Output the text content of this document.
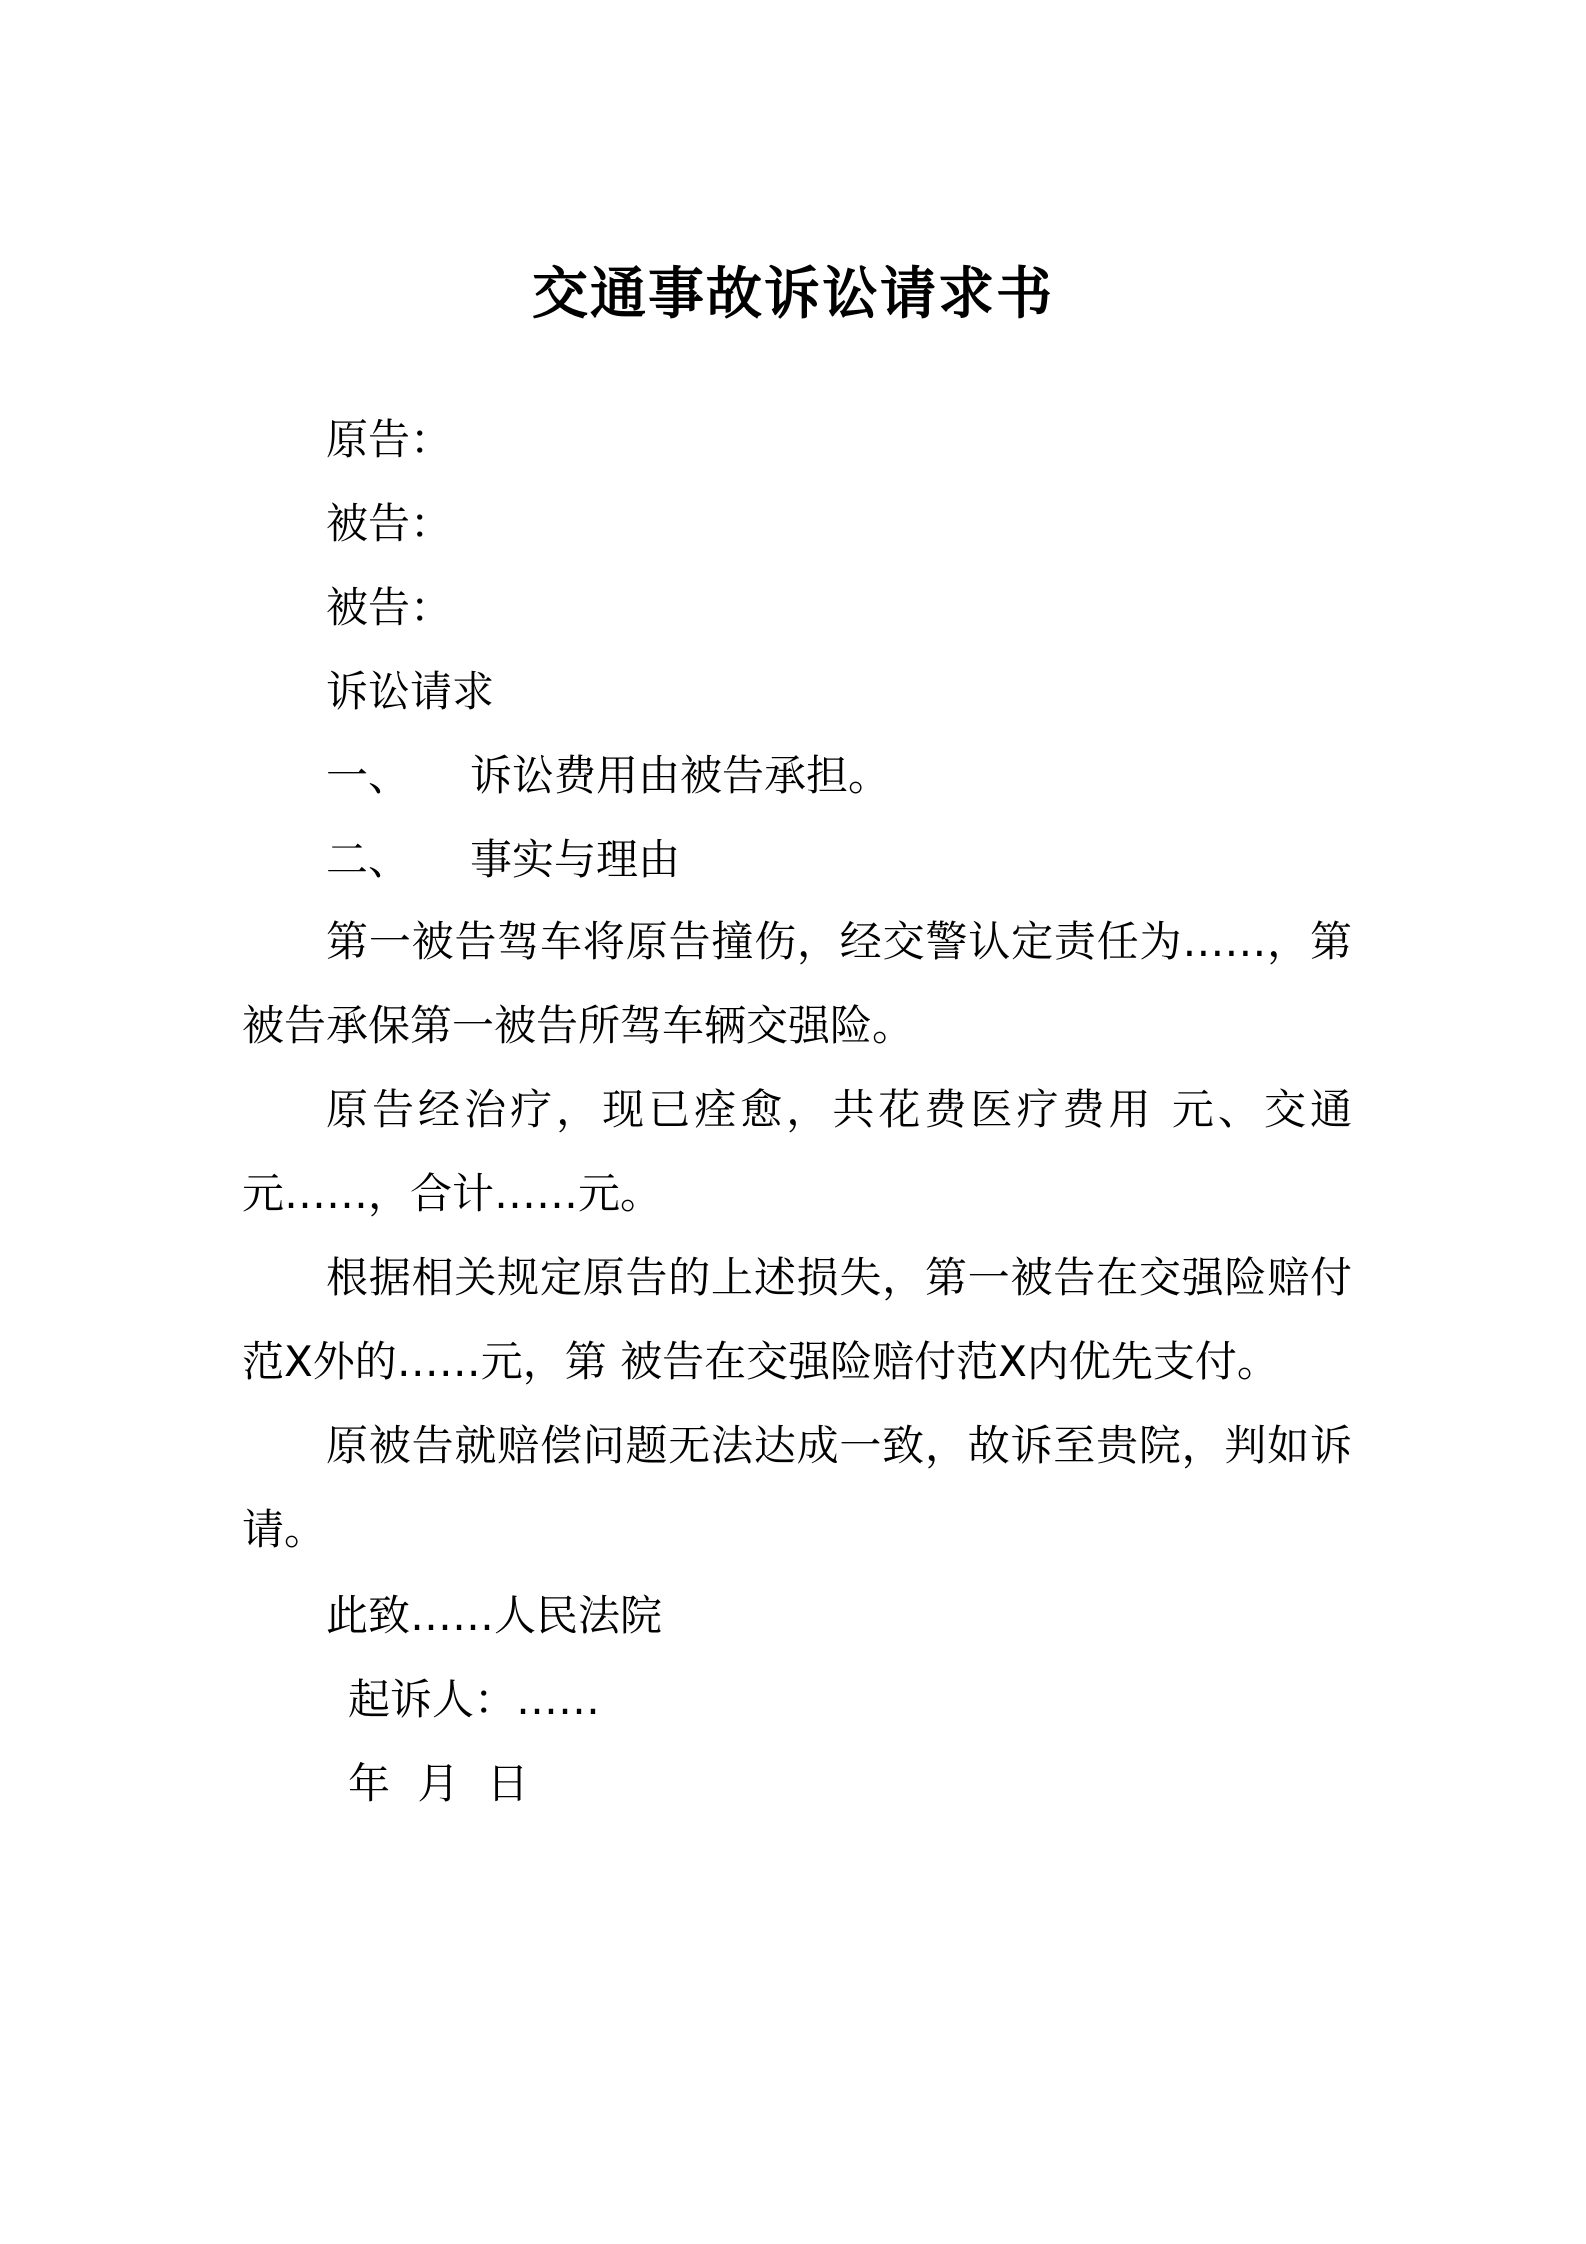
交通事故诉讼请求书
原告：
被告：
被告：
诉讼请求
一、 诉讼费用由被告承担。
二、 事实与理由
第一被告驾车将原告撞伤，经交警认定责任为……，第被告承保第一被告所驾车辆交强险。
原告经治疗，现已痊愈，共花费医疗费用 元、交通 元……，合计……元。
根据相关规定原告的上述损失，第一被告在交强险赔付范X外的……元，第 被告在交强险赔付范X内优先支付。
原被告就赔偿问题无法达成一致，故诉至贵院，判如诉请。
此致……人民法院
起诉人：……
年 月 日
